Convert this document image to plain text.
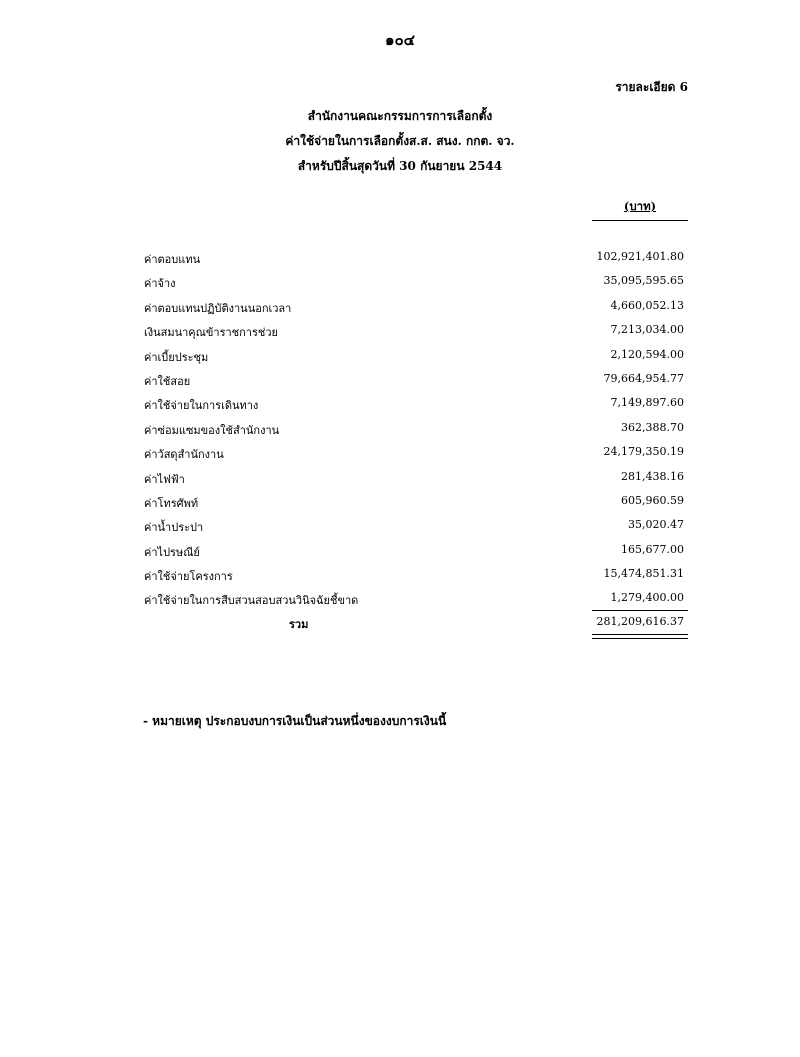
๑๐๔
รายละเอียด 6
สำนักงานคณะกรรมการการเลือกตั้ง
ค่าใช้จ่ายในการเลือกตั้งส.ส. สนง. กกต. จว.
สำหรับปีสิ้นสุดวันที่ 30 กันยายน 2544
(บาท)
ค่าตอบแทน	102,921,401.80
ค่าจ้าง	35,095,595.65
ค่าตอบแทนปฏิบัติงานนอกเวลา	4,660,052.13
เงินสมนาคุณข้าราชการช่วย	7,213,034.00
ค่าเบี้ยประชุม	2,120,594.00
ค่าใช้สอย	79,664,954.77
ค่าใช้จ่ายในการเดินทาง	7,149,897.60
ค่าซ่อมแซมของใช้สำนักงาน	362,388.70
ค่าวัสดุสำนักงาน	24,179,350.19
ค่าไฟฟ้า	281,438.16
ค่าโทรศัพท์	605,960.59
ค่าน้ำประปา	35,020.47
ค่าไปรษณีย์	165,677.00
ค่าใช้จ่ายโครงการ	15,474,851.31
ค่าใช้จ่ายในการสืบสวนสอบสวนวินิจฉัยชี้ขาด	1,279,400.00
รวม	281,209,616.37
- หมายเหตุ ประกอบงบการเงินเป็นส่วนหนึ่งของงบการเงินนี้
